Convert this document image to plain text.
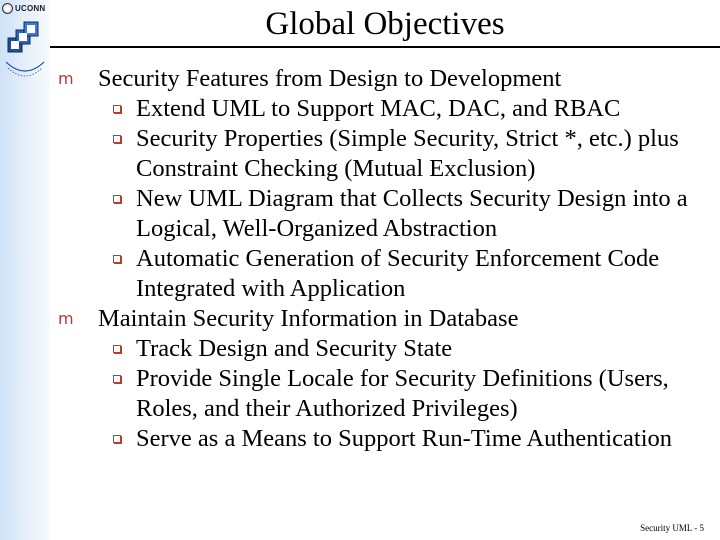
UCONN	Global Objectives
m Security Features from Design to Development
Extend UML to Support MAC, DAC, and RBAC
Security Properties (Simple Security, Strict *, etc.) plus Constraint Checking (Mutual Exclusion)
New UML Diagram that Collects Security Design into a Logical, Well-Organized Abstraction
Automatic Generation of Security Enforcement Code Integrated with Application
m Maintain Security Information in Database
Track Design and Security State
Provide Single Locale for Security Definitions (Users, Roles, and their Authorized Privileges)
Serve as a Means to Support Run-Time Authentication
Security UML - 5
